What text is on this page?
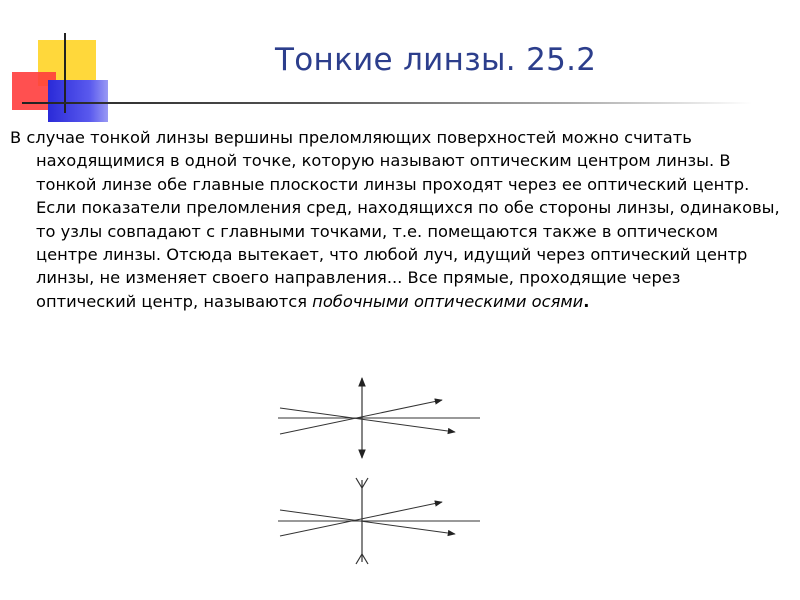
Тонкие линзы. 25.2

В случае тонкой линзы вершины преломляющих поверхностей можно считать находящимися в одной точке, которую называют оптическим центром линзы. В тонкой линзе обе главные плоскости линзы проходят через ее оптический центр. Если показатели преломления сред, находящихся по обе стороны линзы, одинаковы, то узлы совпадают с главными точками, т.е. помещаются также в оптическом центре линзы. Отсюда вытекает, что любой луч, идущий через оптический центр линзы, не изменяет своего направления... Все прямые, проходящие через оптический центр, называются побочными оптическими осями.
